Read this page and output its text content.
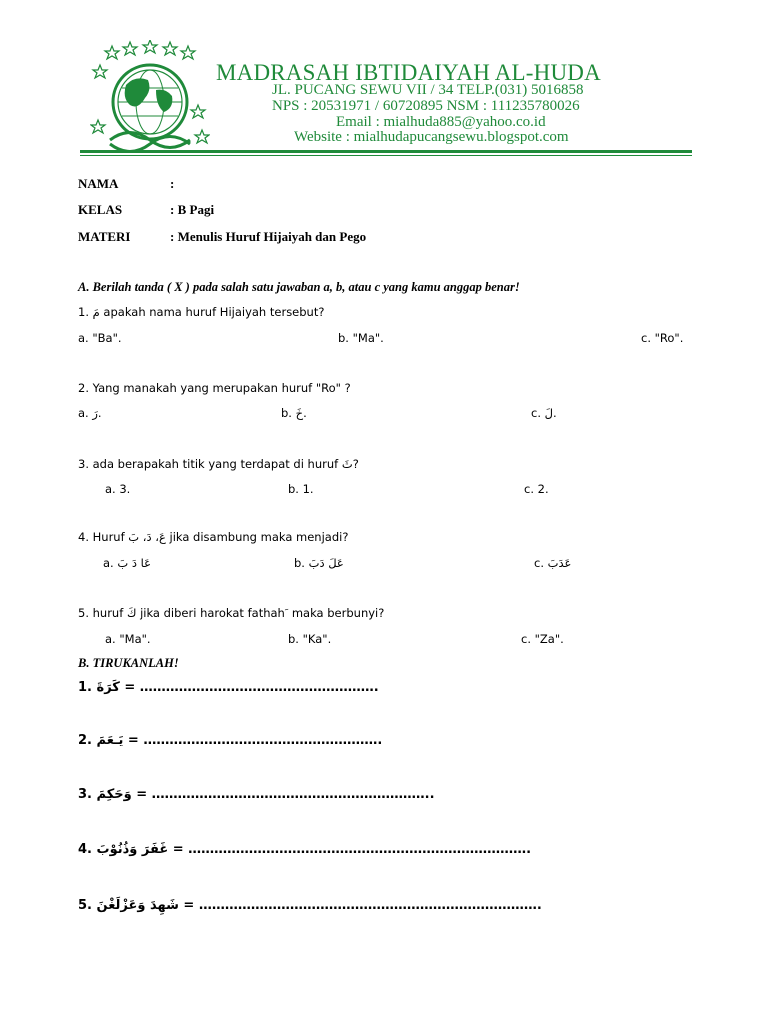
MADRASAH IBTIDAIYAH AL-HUDA
JL. PUCANG SEWU VII / 34 TELP.(031) 5016858
NPS : 20531971 / 60720895 NSM : 111235780026
Email : mialhuda885@yahoo.co.id
Website : mialhudapucangsewu.blogspot.com
NAMA	:
KELAS	: B Pagi
MATERI	: Menulis Huruf Hijaiyah dan Pego
A. Berilah tanda ( X ) pada salah satu jawaban a, b, atau c yang kamu anggap benar!
1. مَ apakah nama huruf Hijaiyah tersebut?
a. "Ba".	b. "Ma".	c. "Ro".
2. Yang manakah yang merupakan huruf "Ro" ?
a. رَ.	b. خَ.	c. لَ.
3. ada berapakah titik yang terdapat di huruf ثَ?
a. 3.	b. 1.	c. 2.
4. Huruf عَ، دَ، بَ jika disambung maka menjadi?
a. عَا دَ بَ	b. عَلَ دَبَ	c. عَدَبَ
5. huruf كَ jika diberi harokat fathah َ maka berbunyi?
a. "Ma".	b. "Ka".	c. "Za".
B. TIRUKANLAH!
1. كَرَةَ = ……………………………………………….
2. يَـعَمَ = ……………………………………………….
3. وَحَكِمَ = ………………………………………………………..
4. غَفَرَ وَذُنُوْبَ = …………………………………………………………………….
5. شَهِدَ وَعَزْلَغْنَ = …………………………………………………………………….
